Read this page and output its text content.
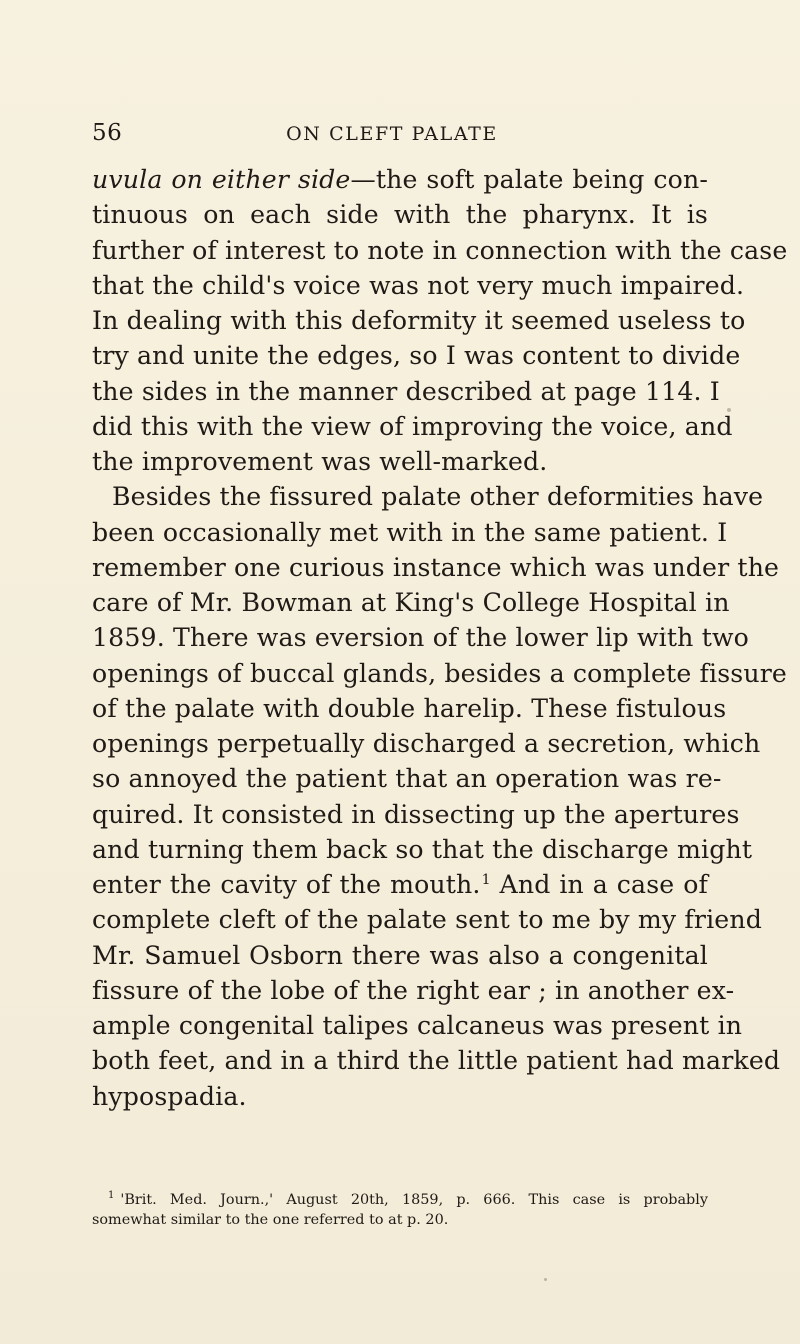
56	ON CLEFT PALATE
uvula on either side—the soft palate being con-
tinuous on each side with the pharynx. It is
further of interest to note in connection with the case
that the child's voice was not very much impaired.
In dealing with this deformity it seemed useless to
try and unite the edges, so I was content to divide
the sides in the manner described at page 114. I
did this with the view of improving the voice, and
the improvement was well-marked.
Besides the fissured palate other deformities have
been occasionally met with in the same patient. I
remember one curious instance which was under the
care of Mr. Bowman at King's College Hospital in
1859. There was eversion of the lower lip with two
openings of buccal glands, besides a complete fissure
of the palate with double harelip. These fistulous
openings perpetually discharged a secretion, which
so annoyed the patient that an operation was re-
quired. It consisted in dissecting up the apertures
and turning them back so that the discharge might
enter the cavity of the mouth.$^1$ And in a case of
complete cleft of the palate sent to me by my friend
Mr. Samuel Osborn there was also a congenital
fissure of the lobe of the right ear ; in another ex-
ample congenital talipes calcaneus was present in
both feet, and in a third the little patient had marked
hypospadia.
$^1$ 'Brit. Med. Journ.,' August 20th, 1859, p. 666. This case is probably
somewhat similar to the one referred to at p. 20.
